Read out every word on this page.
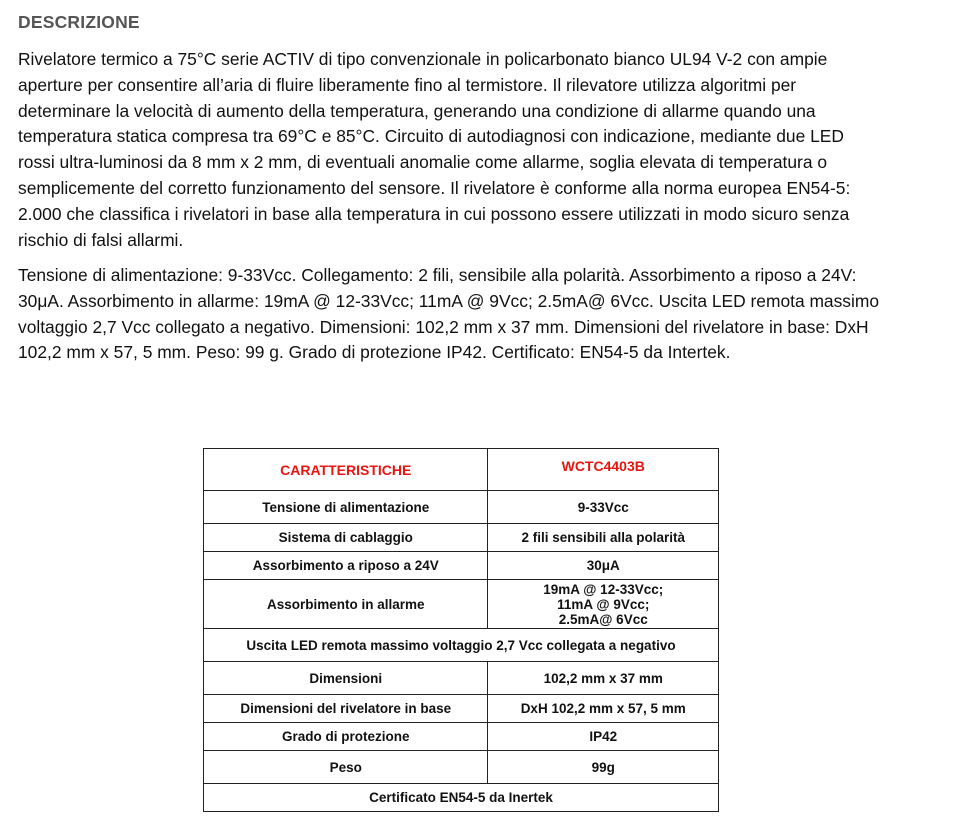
DESCRIZIONE
Rivelatore termico a 75°C serie ACTIV di tipo convenzionale in policarbonato bianco UL94 V-2 con ampie
aperture per consentire all’aria di fluire liberamente fino al termistore. Il rilevatore utilizza algoritmi per
determinare la velocità di aumento della temperatura, generando una condizione di allarme quando una
temperatura statica compresa tra 69°C e 85°C. Circuito di autodiagnosi con indicazione, mediante due LED
rossi ultra-luminosi da 8 mm x 2 mm, di eventuali anomalie come allarme, soglia elevata di temperatura o
semplicemente del corretto funzionamento del sensore. Il rivelatore è conforme alla norma europea EN54-5:
2.000 che classifica i rivelatori in base alla temperatura in cui possono essere utilizzati in modo sicuro senza
rischio di falsi allarmi.
Tensione di alimentazione: 9-33Vcc. Collegamento: 2 fili, sensibile alla polarità. Assorbimento a riposo a 24V:
30μA. Assorbimento in allarme: 19mA @ 12-33Vcc; 11mA @ 9Vcc; 2.5mA@ 6Vcc. Uscita LED remota massimo
voltaggio 2,7 Vcc collegato a negativo. Dimensioni: 102,2 mm x 37 mm. Dimensioni del rivelatore in base: DxH
102,2 mm x 57, 5 mm. Peso: 99 g. Grado di protezione IP42. Certificato: EN54-5 da Intertek.
CARATTERISTICHE	WCTC4403B
Tensione di alimentazione	9-33Vcc
Sistema di cablaggio	2 fili sensibili alla polarità
Assorbimento a riposo a 24V	30μA
Assorbimento in allarme	19mA @ 12-33Vcc;
11mA @ 9Vcc;
2.5mA@ 6Vcc

Uscita LED remota massimo voltaggio 2,7 Vcc collegata a negativo	
Dimensioni	102,2 mm x 37 mm
Dimensioni del rivelatore in base	DxH 102,2 mm x 57, 5 mm
Grado di protezione	IP42
Peso	99g
Certificato EN54-5 da Inertek	
